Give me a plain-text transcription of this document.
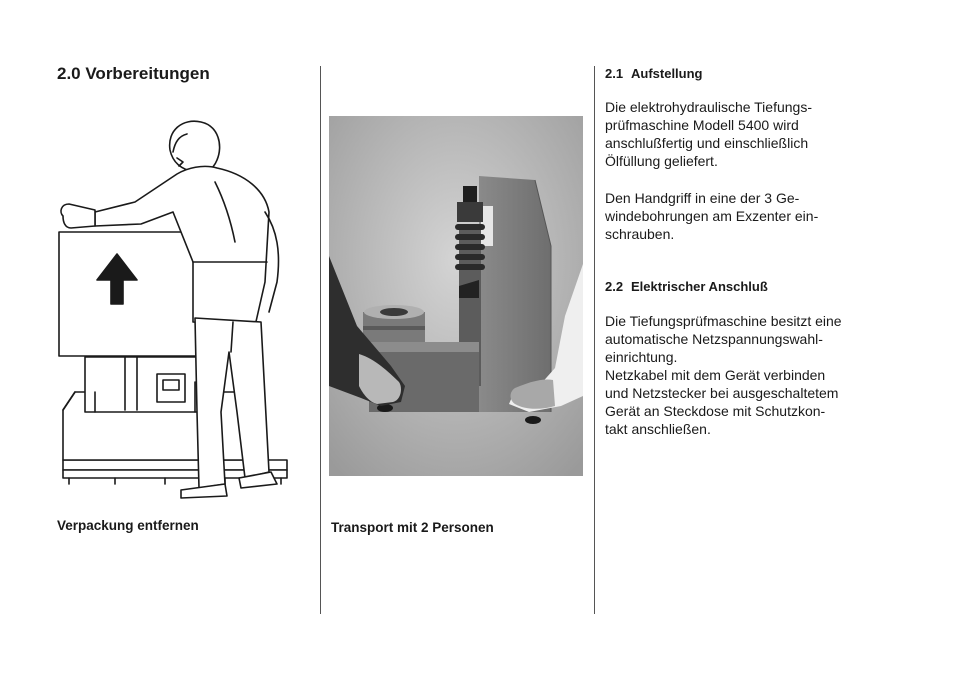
2.0 Vorbereitungen

Verpackung entfernen	Transport mit 2 Personen

2.1 Aufstellung

Die elektrohydraulische Tiefungs-
prüfmaschine Modell 5400 wird
anschlußfertig und einschließlich
Ölfüllung geliefert.

Den Handgriff in eine der 3 Ge-
windebohrungen am Exzenter ein-
schrauben.

2.2 Elektrischer Anschluß

Die Tiefungsprüfmaschine besitzt eine
automatische Netzspannungswahl-
einrichtung.
Netzkabel mit dem Gerät verbinden
und Netzstecker bei ausgeschaltetem
Gerät an Steckdose mit Schutzkon-
takt anschließen.
